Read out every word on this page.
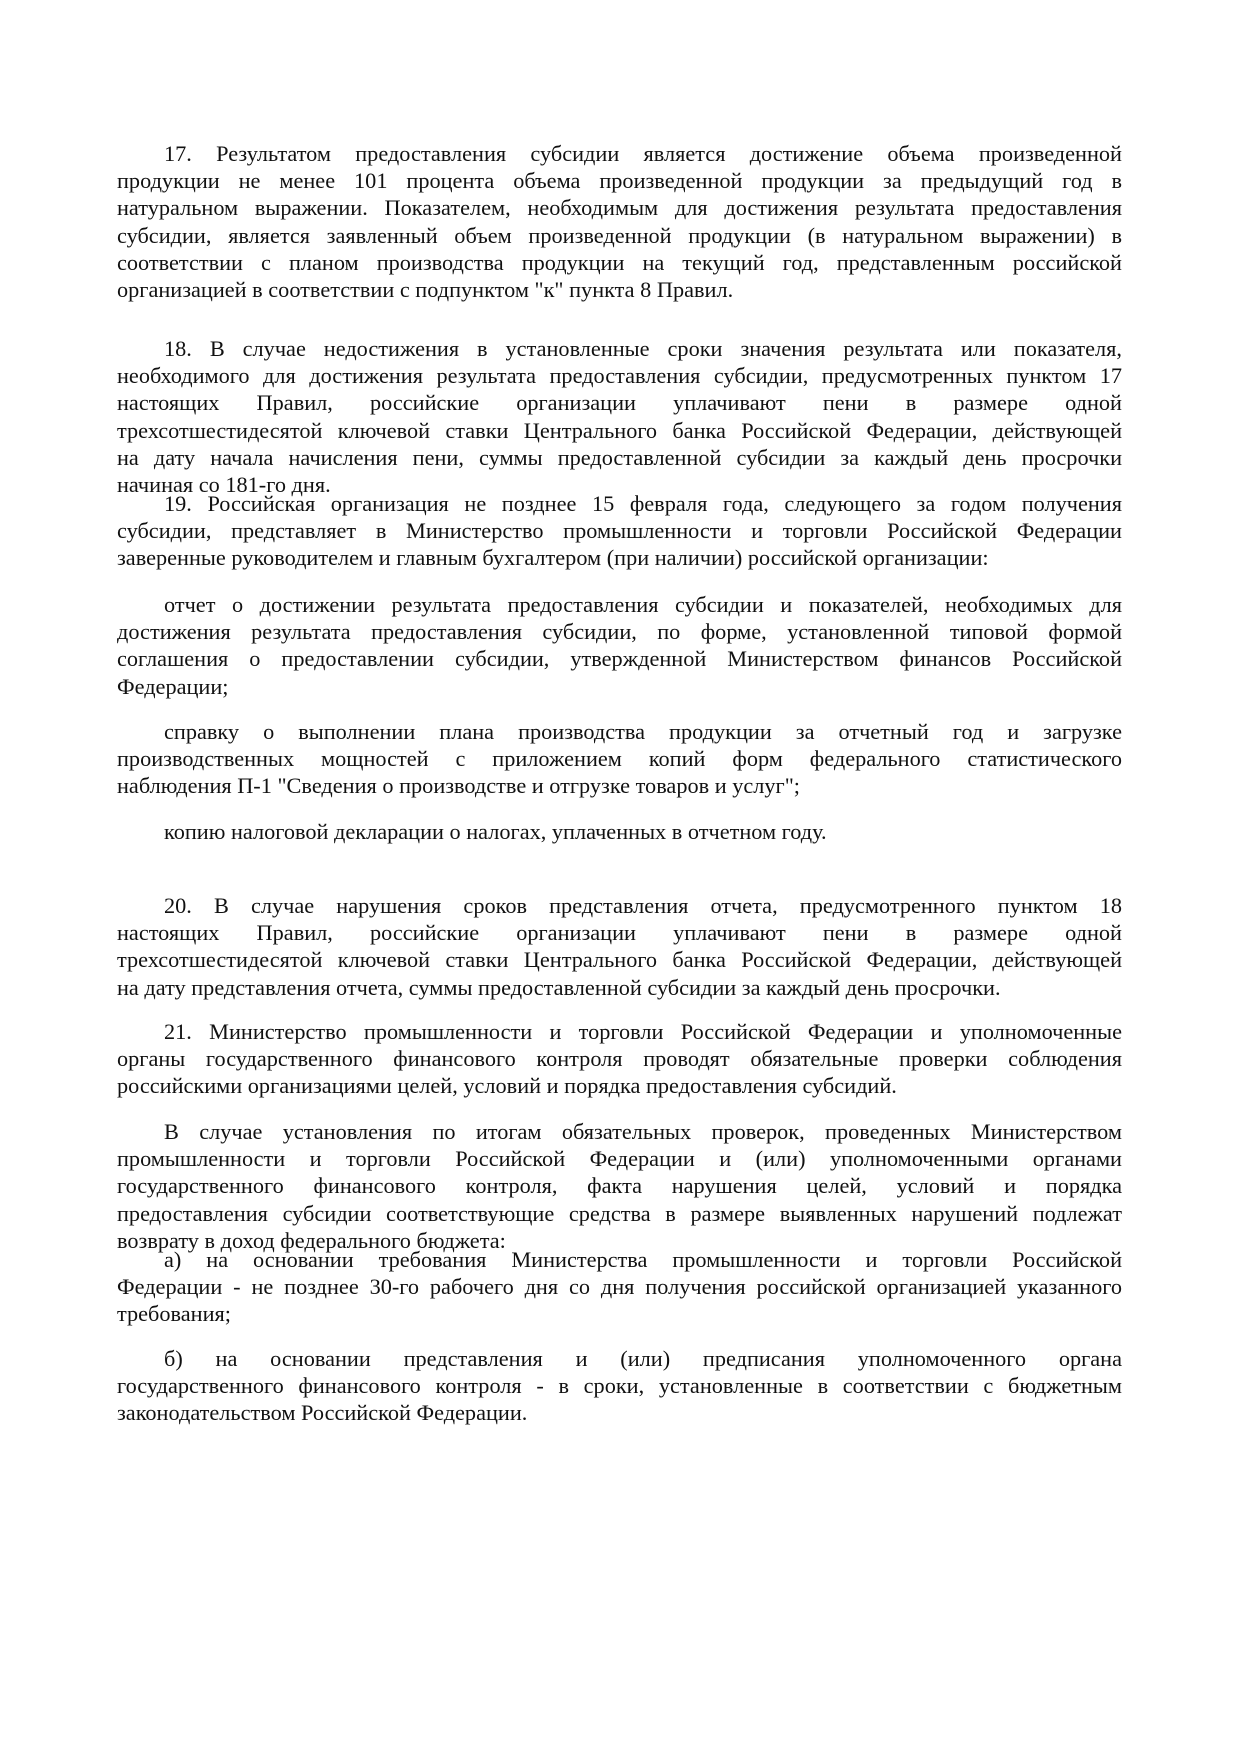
17. Результатом предоставления субсидии является достижение объема произведенной
продукции не менее 101 процента объема произведенной продукции за предыдущий год в
натуральном выражении. Показателем, необходимым для достижения результата предоставления
субсидии, является заявленный объем произведенной продукции (в натуральном выражении) в
соответствии с планом производства продукции на текущий год, представленным российской
организацией в соответствии с подпунктом "к" пункта 8 Правил.
18. В случае недостижения в установленные сроки значения результата или показателя,
необходимого для достижения результата предоставления субсидии, предусмотренных пунктом 17
настоящих Правил, российские организации уплачивают пени в размере одной
трехсотшестидесятой ключевой ставки Центрального банка Российской Федерации, действующей
на дату начала начисления пени, суммы предоставленной субсидии за каждый день просрочки
начиная со 181-го дня.
19. Российская организация не позднее 15 февраля года, следующего за годом получения
субсидии, представляет в Министерство промышленности и торговли Российской Федерации
заверенные руководителем и главным бухгалтером (при наличии) российской организации:
отчет о достижении результата предоставления субсидии и показателей, необходимых для
достижения результата предоставления субсидии, по форме, установленной типовой формой
соглашения о предоставлении субсидии, утвержденной Министерством финансов Российской
Федерации;
справку о выполнении плана производства продукции за отчетный год и загрузке
производственных мощностей с приложением копий форм федерального статистического
наблюдения П-1 "Сведения о производстве и отгрузке товаров и услуг";
копию налоговой декларации о налогах, уплаченных в отчетном году.
20. В случае нарушения сроков представления отчета, предусмотренного пунктом 18
настоящих Правил, российские организации уплачивают пени в размере одной
трехсотшестидесятой ключевой ставки Центрального банка Российской Федерации, действующей
на дату представления отчета, суммы предоставленной субсидии за каждый день просрочки.
21. Министерство промышленности и торговли Российской Федерации и уполномоченные
органы государственного финансового контроля проводят обязательные проверки соблюдения
российскими организациями целей, условий и порядка предоставления субсидий.
В случае установления по итогам обязательных проверок, проведенных Министерством
промышленности и торговли Российской Федерации и (или) уполномоченными органами
государственного финансового контроля, факта нарушения целей, условий и порядка
предоставления субсидии соответствующие средства в размере выявленных нарушений подлежат
возврату в доход федерального бюджета:
а) на основании требования Министерства промышленности и торговли Российской
Федерации - не позднее 30-го рабочего дня со дня получения российской организацией указанного
требования;
б) на основании представления и (или) предписания уполномоченного органа
государственного финансового контроля - в сроки, установленные в соответствии с бюджетным
законодательством Российской Федерации.
